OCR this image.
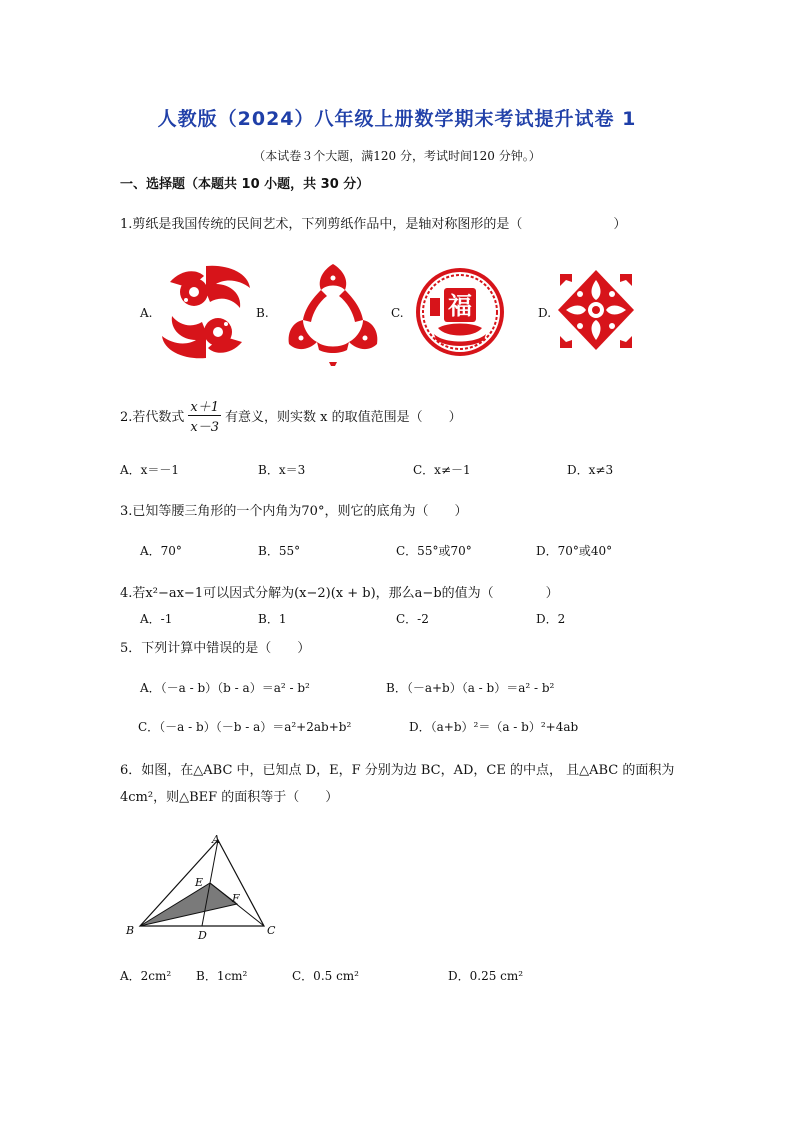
人教版（2024）八年级上册数学期末考试提升试卷 1
（本试卷３个大题，满120 分，考试时间120 分钟。）
一、选择题（本题共 10 小题，共 30 分）
1.剪纸是我国传统的民间艺术，下列剪纸作品中，是轴对称图形的是（　　　　　　　）
A.	B.	C.	D.
福
2.若代数式 $\frac{x+1}{x-3}$ 有意义，则实数 x 的取值范围是（　　）
A．x＝－1	B．x＝3	C．x≠－1	D．x≠3
3.已知等腰三角形的一个内角为70°，则它的底角为（　　）
A．70°	B．55°	C．55°或70°	D．70°或40°
4.若x²−ax−1可以因式分解为(x−2)(x + b)，那么a−b的值为（　　　　）
A．-1	B．1	C．-2	D．2
5．下列计算中错误的是（　　）
A．（－a - b）（b - a）＝a² - b²	B．（－a+b）（a - b）＝a² - b²
C．（－a - b）（－b - a）＝a²+2ab+b²	D．（a+b）²＝（a - b）²+4ab
6．如图，在△ABC 中，已知点 D，E，F 分别为边 BC，AD，CE 的中点， 且△ABC 的面积为
4cm²，则△BEF 的面积等于（　　）
A
B	C
D
E
F
A．2cm² B．1cm²	C．0.5 cm²	D．0.25 cm²
